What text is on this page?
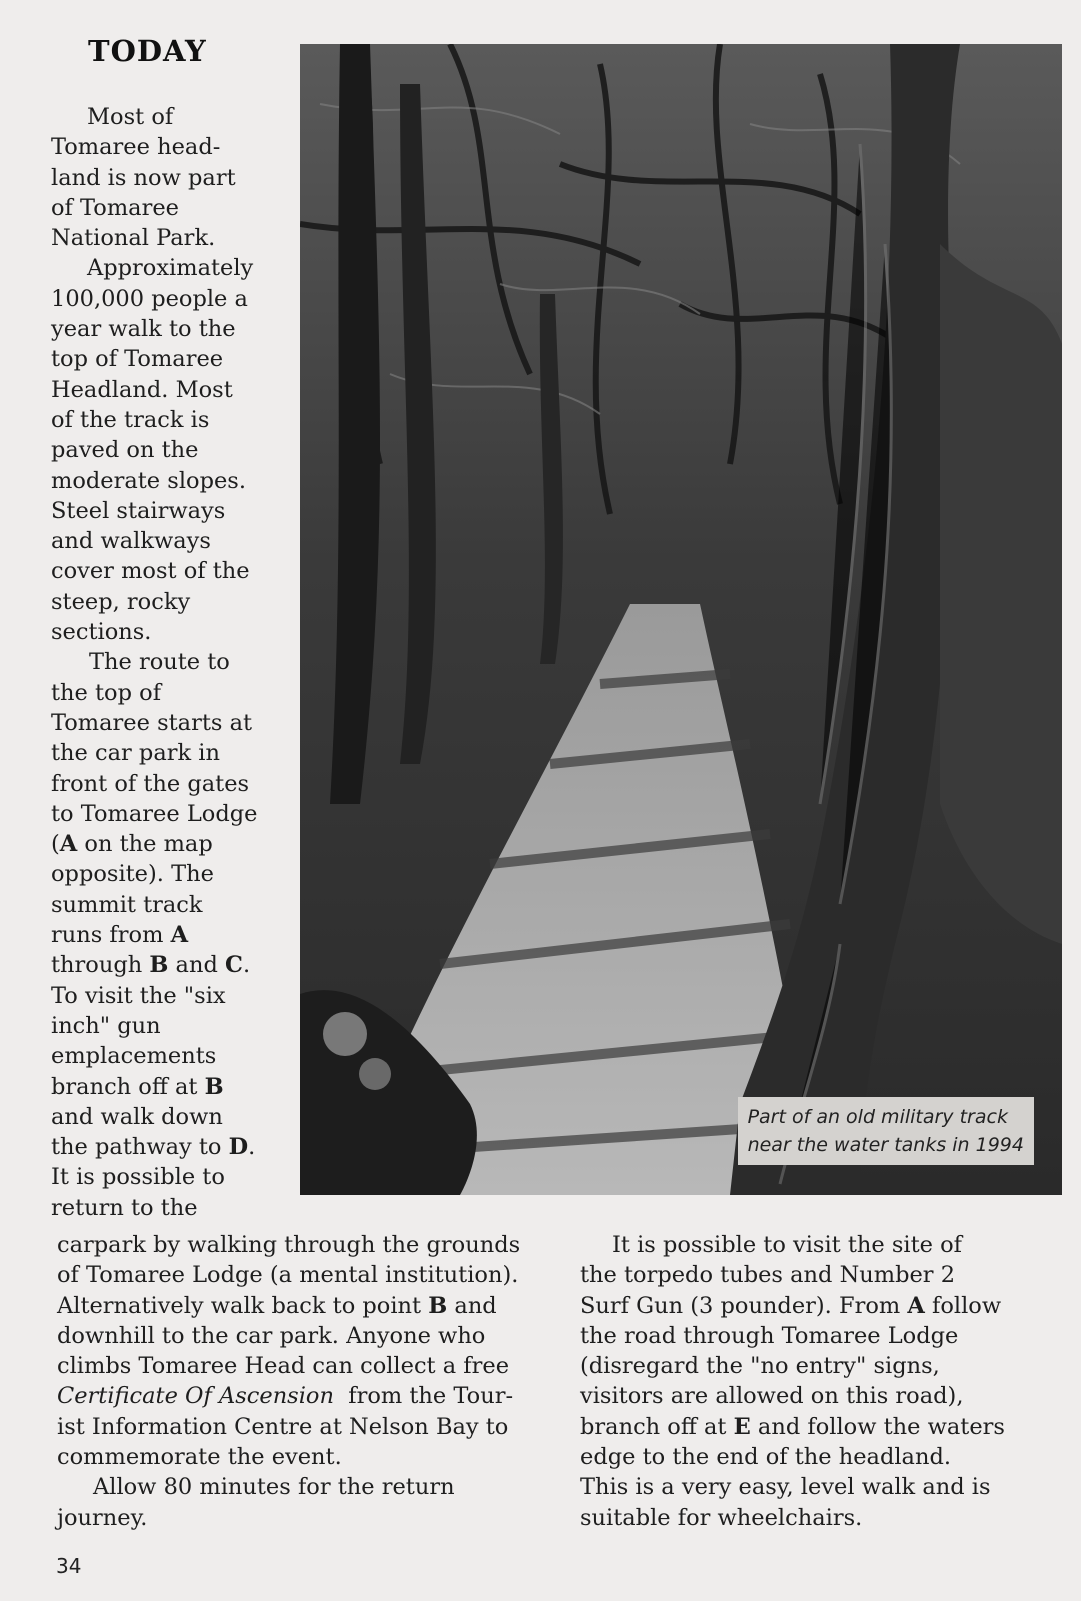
TODAY

Most of
Tomaree head-
land is now part
of Tomaree
National Park.

Approximately
100,000 people a
year walk to the
top of Tomaree
Headland. Most
of the track is
paved on the
moderate slopes.
Steel stairways
and walkways
cover most of the
steep, rocky
sections.

The route to
the top of
Tomaree starts at
the car park in
front of the gates
to Tomaree Lodge
(A on the map
opposite). The
summit track
runs from A
through B and C.
To visit the "six
inch" gun
emplacements
branch off at B
and walk down
the pathway to D.
It is possible to
return to the

Part of an old military track
near the water tanks in 1994

carpark by walking through the grounds
of Tomaree Lodge (a mental institution).
Alternatively walk back to point B and
downhill to the car park. Anyone who
climbs Tomaree Head can collect a free
Certificate Of Ascension  from the Tour-
ist Information Centre at Nelson Bay to
commemorate the event.

Allow 80 minutes for the return
journey.

It is possible to visit the site of
the torpedo tubes and Number 2
Surf Gun (3 pounder). From A follow
the road through Tomaree Lodge
(disregard the "no entry" signs,
visitors are allowed on this road),
branch off at E and follow the waters
edge to the end of the headland.
This is a very easy, level walk and is
suitable for wheelchairs.

34
